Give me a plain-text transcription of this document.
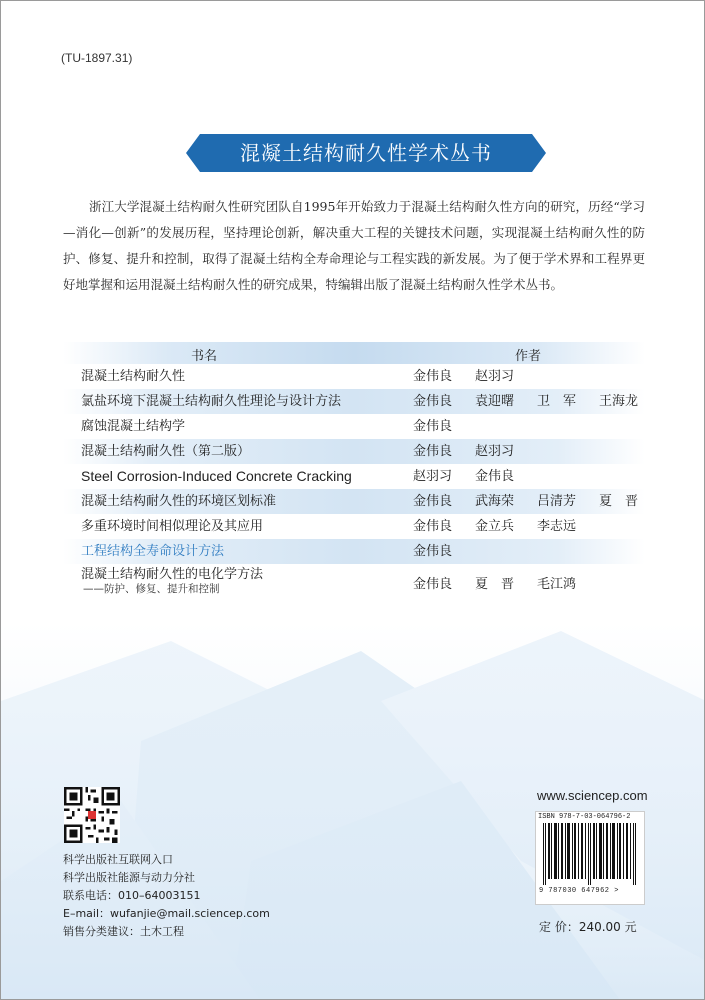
(TU-1897.31)
混凝土结构耐久性学术丛书
浙江大学混凝土结构耐久性研究团队自1995年开始致力于混凝土结构耐久性方向的研究，历经“学习—消化—创新”的发展历程，坚持理论创新，解决重大工程的关键技术问题，实现混凝土结构耐久性的防护、修复、提升和控制，取得了混凝土结构全寿命理论与工程实践的新发展。为了便于学术界和工程界更好地掌握和运用混凝土结构耐久性的研究成果，特编辑出版了混凝土结构耐久性学术丛书。
书名	作者
混凝土结构耐久性	金伟良 赵羽习
氯盐环境下混凝土结构耐久性理论与设计方法	金伟良 袁迎曙 卫　军 王海龙
腐蚀混凝土结构学	金伟良
混凝土结构耐久性（第二版）	金伟良 赵羽习
Steel Corrosion-Induced Concrete Cracking	赵羽习 金伟良
混凝土结构耐久性的环境区划标准	金伟良 武海荣 吕清芳 夏　晋
多重环境时间相似理论及其应用	金伟良 金立兵 李志远
工程结构全寿命设计方法	金伟良
混凝土结构耐久性的电化学方法
——防护、修复、提升和控制	金伟良 夏　晋 毛江鸿
科学出版社互联网入口
科学出版社能源与动力分社
联系电话：010–64003151
E–mail：wufanjie@mail.sciencep.com
销售分类建议：土木工程
www.sciencep.com
ISBN 978-7-03-064796-2
9 787030 647962 >
定 价：240.00 元
